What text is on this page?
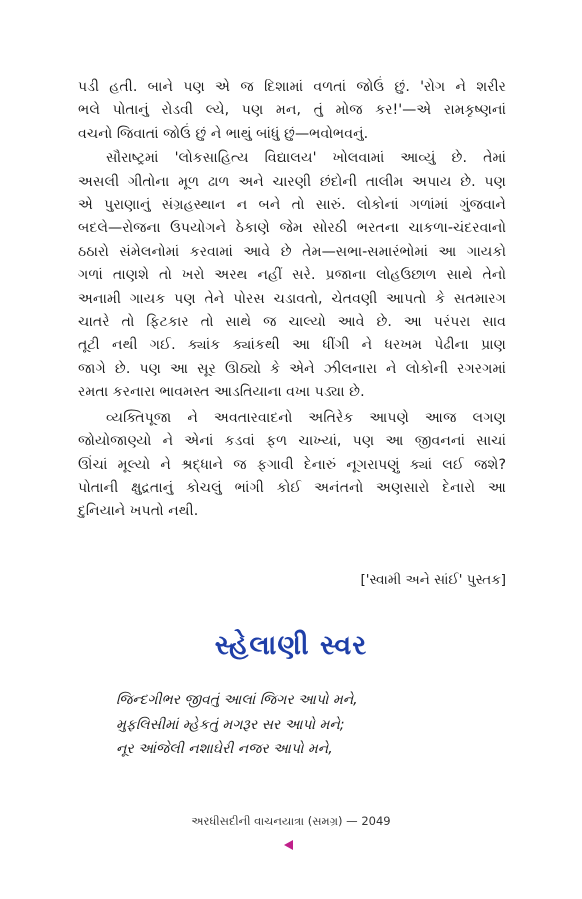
પડી હતી. બાને પણ એ જ દિશામાં વળતાં જોઉં છું. 'રોગ ને શરીર
ભલે પોતાનું રોડવી લ્યે, પણ મન, તું મોજ કર!'—એ રામકૃષ્ણનાં
વચનો જિવાતાં જોઉં છું ને ભાથું બાંધું છું—ભવોભવનું.

સૌરાષ્ટ્રમાં 'લોકસાહિત્ય વિદ્યાલય' ખોલવામાં આવ્યું છે. તેમાં
અસલી ગીતોના મૂળ ઢાળ અને ચારણી છંદોની તાલીમ અપાય છે. પણ
એ પુરાણાનું સંગ્રહસ્થાન ન બને તો સારું. લોકોનાં ગળાંમાં ગુંજવાને
બદલે—રોજના ઉપયોગને ઠેકાણે જેમ સોરઠી ભરતના ચાકળા-ચંદરવાનો
ઠઠારો સંમેલનોમાં કરવામાં આવે છે તેમ—સભા-સમારંભોમાં આ ગાયકો
ગળાં તાણશે તો ખરો અરથ નહીં સરે. પ્રજાના લોહઉછાળ સાથે તેનો
અનામી ગાયક પણ તેને પોરસ ચડાવતો, ચેતવણી આપતો કે સતમારગ
ચાતરે તો ફિટકાર તો સાથે જ ચાલ્યો આવે છે. આ પરંપરા સાવ
તૂટી નથી ગઈ. ક્યાંક ક્યાંકથી આ ધીંગી ને ધરખમ પેઢીના પ્રાણ
જાગે છે. પણ આ સૂર ઊઠ્યો કે એને ઝીલનારા ને લોકોની રગરગમાં
રમતા કરનારા ભાવમસ્ત આડતિયાના વખા પડ્યા છે.

વ્યક્તિપૂજા ને અવતારવાદનો અતિરેક આપણે આજ લગણ
જોયોજાણ્યો ને એનાં કડવાં ફળ ચાખ્યાં, પણ આ જીવનનાં સાચાં
ઊંચાં મૂલ્યો ને શ્રદ્ધાને જ ફગાવી દેનારું નૂગરાપણું ક્યાં લઈ જશે?
પોતાની ક્ષુદ્રતાનું કોચલું ભાંગી કોઈ અનંતનો અણસારો દેનારો આ
દુનિયાને ખપતો નથી.

['સ્વામી અને સાંઈ' પુસ્તક]
સ્હેલાણી સ્વર
જિન્દગીભર જીવતું આલાં જિગર આપો મને,
મુફલિસીમાં મ્હેકતું મગરૂર સર આપો મને;
નૂર આંજેલી નશાઘેરી નજર આપો મને,
અરધીસદીની વાચનયાત્રા (સમગ્ર) — 2049
